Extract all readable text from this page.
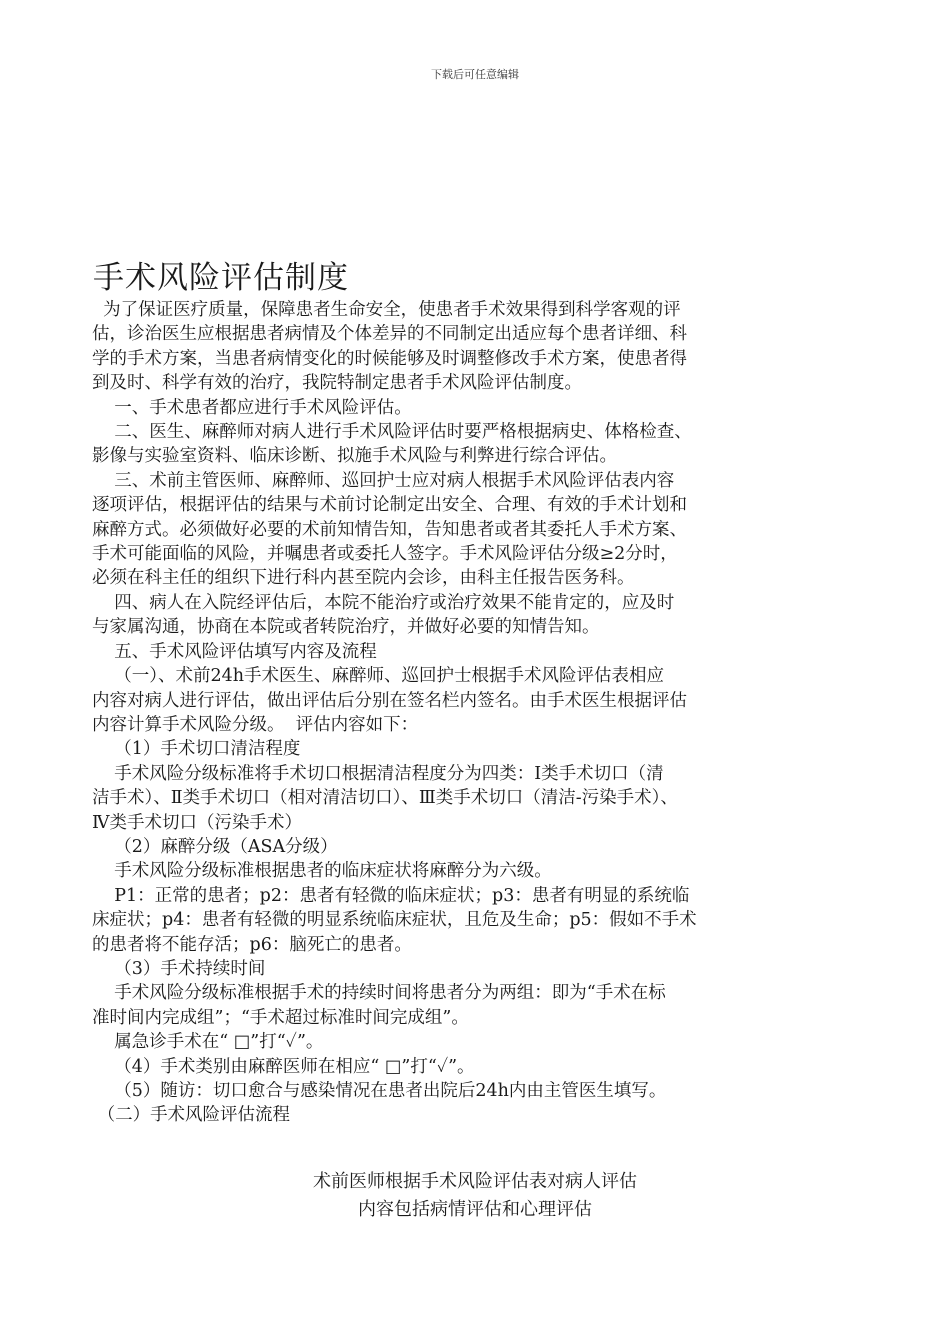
下载后可任意编辑
手术风险评估制度

为了保证医疗质量，保障患者生命安全，使患者手术效果得到科学客观的评

估，诊治医生应根据患者病情及个体差异的不同制定出适应每个患者详细、科

学的手术方案，当患者病情变化的时候能够及时调整修改手术方案，使患者得

到及时、科学有效的治疗，我院特制定患者手术风险评估制度。

一、手术患者都应进行手术风险评估。

二、医生、麻醉师对病人进行手术风险评估时要严格根据病史、体格检查、

影像与实验室资料、临床诊断、拟施手术风险与利弊进行综合评估。

三、术前主管医师、麻醉师、巡回护士应对病人根据手术风险评估表内容

逐项评估，根据评估的结果与术前讨论制定出安全、合理、有效的手术计划和

麻醉方式。必须做好必要的术前知情告知，告知患者或者其委托人手术方案、

手术可能面临的风险，并嘱患者或委托人签字。手术风险评估分级≥2分时，

必须在科主任的组织下进行科内甚至院内会诊，由科主任报告医务科。

四、病人在入院经评估后，本院不能治疗或治疗效果不能肯定的，应及时

与家属沟通，协商在本院或者转院治疗，并做好必要的知情告知。

五、手术风险评估填写内容及流程

（一）、术前24h手术医生、麻醉师、巡回护士根据手术风险评估表相应

内容对病人进行评估，做出评估后分别在签名栏内签名。由手术医生根据评估

内容计算手术风险分级。  评估内容如下：

（1）手术切口清洁程度

手术风险分级标准将手术切口根据清洁程度分为四类：Ⅰ类手术切口（清

洁手术）、Ⅱ类手术切口（相对清洁切口）、Ⅲ类手术切口（清洁-污染手术）、

Ⅳ类手术切口（污染手术）

（2）麻醉分级（ASA分级）

手术风险分级标准根据患者的临床症状将麻醉分为六级。

P1：正常的患者；p2：患者有轻微的临床症状；p3：患者有明显的系统临

床症状；p4：患者有轻微的明显系统临床症状，且危及生命；p5：假如不手术

的患者将不能存活；p6：脑死亡的患者。

（3）手术持续时间

手术风险分级标准根据手术的持续时间将患者分为两组：即为“手术在标

准时间内完成组”；“手术超过标准时间完成组”。

属急诊手术在“ □”打“✓”。

（4）手术类别由麻醉医师在相应“ □”打“✓”。

（5）随访：切口愈合与感染情况在患者出院后24h内由主管医生填写。

（二）手术风险评估流程

术前医师根据手术风险评估表对病人评估

内容包括病情评估和心理评估
